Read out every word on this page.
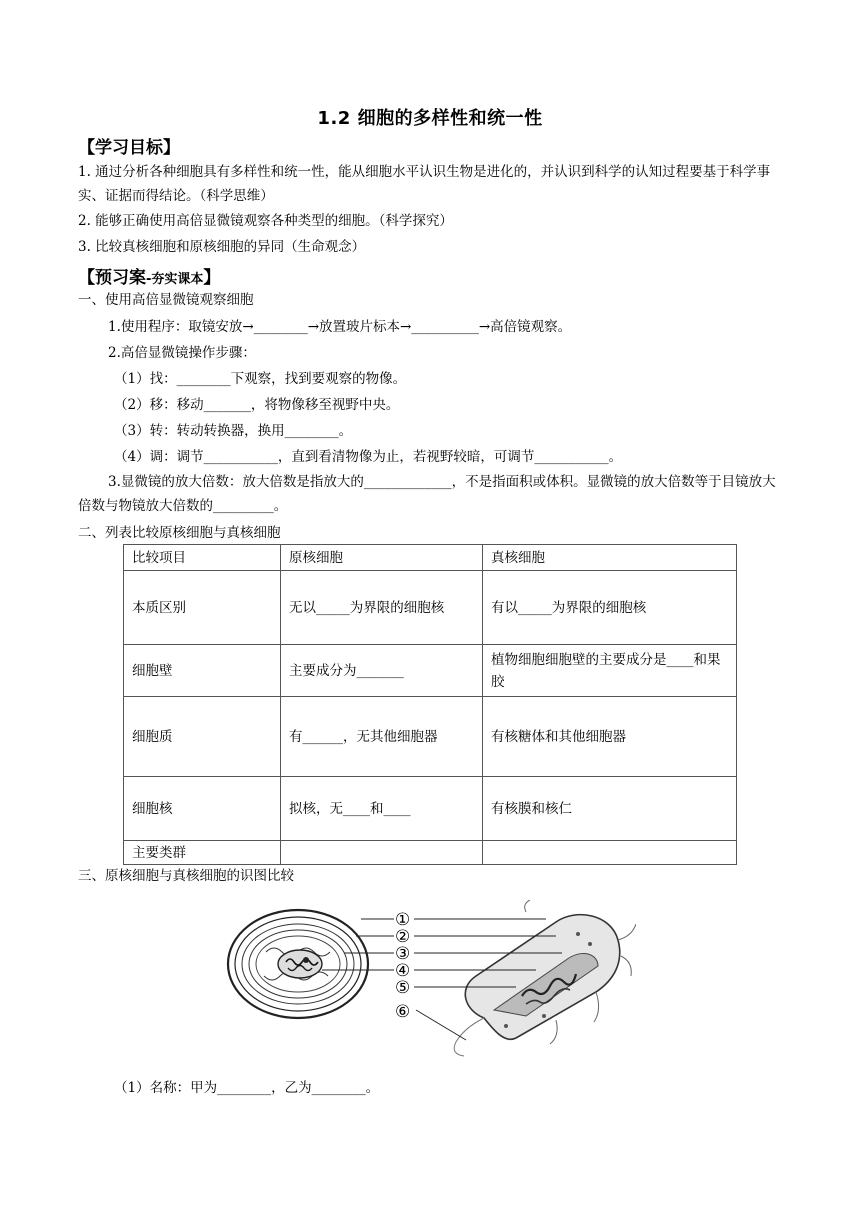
1.2 细胞的多样性和统一性
【学习目标】
1. 通过分析各种细胞具有多样性和统一性，能从细胞水平认识生物是进化的，并认识到科学的认知过程要基于科学事实、证据而得结论。（科学思维）
2. 能够正确使用高倍显微镜观察各种类型的细胞。（科学探究）
3. 比较真核细胞和原核细胞的异同（生命观念）
【预习案-夯实课本】
一、使用高倍显微镜观察细胞
1.使用程序：取镜安放→________→放置玻片标本→__________→高倍镜观察。
2.高倍显微镜操作步骤：
（1）找：________下观察，找到要观察的物像。
（2）移：移动_______，将物像移至视野中央。
（3）转：转动转换器，换用________。
（4）调：调节___________，直到看清物像为止，若视野较暗，可调节___________。
3.显微镜的放大倍数：放大倍数是指放大的_____________，不是指面积或体积。显微镜的放大倍数等于目镜放大倍数与物镜放大倍数的_________。
二、列表比较原核细胞与真核细胞
比较项目	原核细胞	真核细胞
本质区别	无以_____为界限的细胞核	有以_____为界限的细胞核
细胞壁	主要成分为_______	植物细胞细胞壁的主要成分是____和果胶
细胞质	有______，无其他细胞器	有核糖体和其他细胞器
细胞核	拟核，无____和____	有核膜和核仁
主要类群		
三、原核细胞与真核细胞的识图比较
①
②
③
④
⑤
⑥
（1）名称：甲为________，乙为________。
